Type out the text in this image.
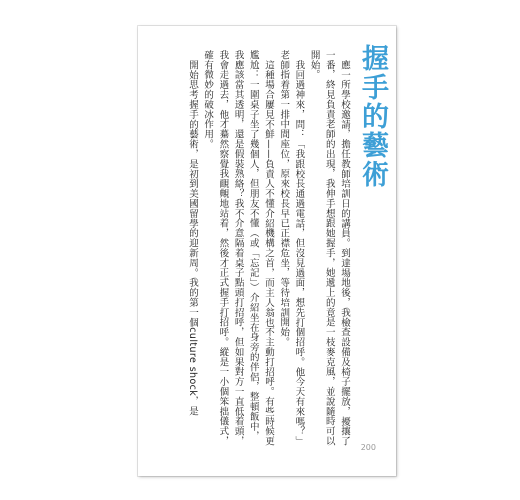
握手的藝術

應一所學校邀請，擔任教師培訓日的講員。到達場地後，我檢查設備及椅子擺放，擾攘了一番，終見負責老師的出現，我伸手想跟她握手，她遞上的竟是一枝麥克風，並說隨時可以開始。

我回過神來，問：「我跟校長通過電話，但沒見過面，想先打個招呼。他今天有來嗎？」老師指着第一排中間座位，原來校長早已正襟危坐，等待培訓開始。

這種場合屢見不鮮——負責人不懂介紹機構之首，而主人翁也不主動打招呼。有些時候更尷尬：一圍桌子坐了幾個人，但朋友不懂（或「忘記」）介紹坐在身旁的伴侶，整頓飯中，我應該當其透明，還是假裝熟絡？我不介意隔着桌子點頭打招呼，但如果對方一直低着頭，我會走過去，他才驀然察覺我靦覥地站着，然後才正式握手打招呼。縱是一小個笨拙儀式，確有微妙的破冰作用。

開始思考握手的藝術，是初到美國留學的迎新周。我的第一個culture shock，是

200
